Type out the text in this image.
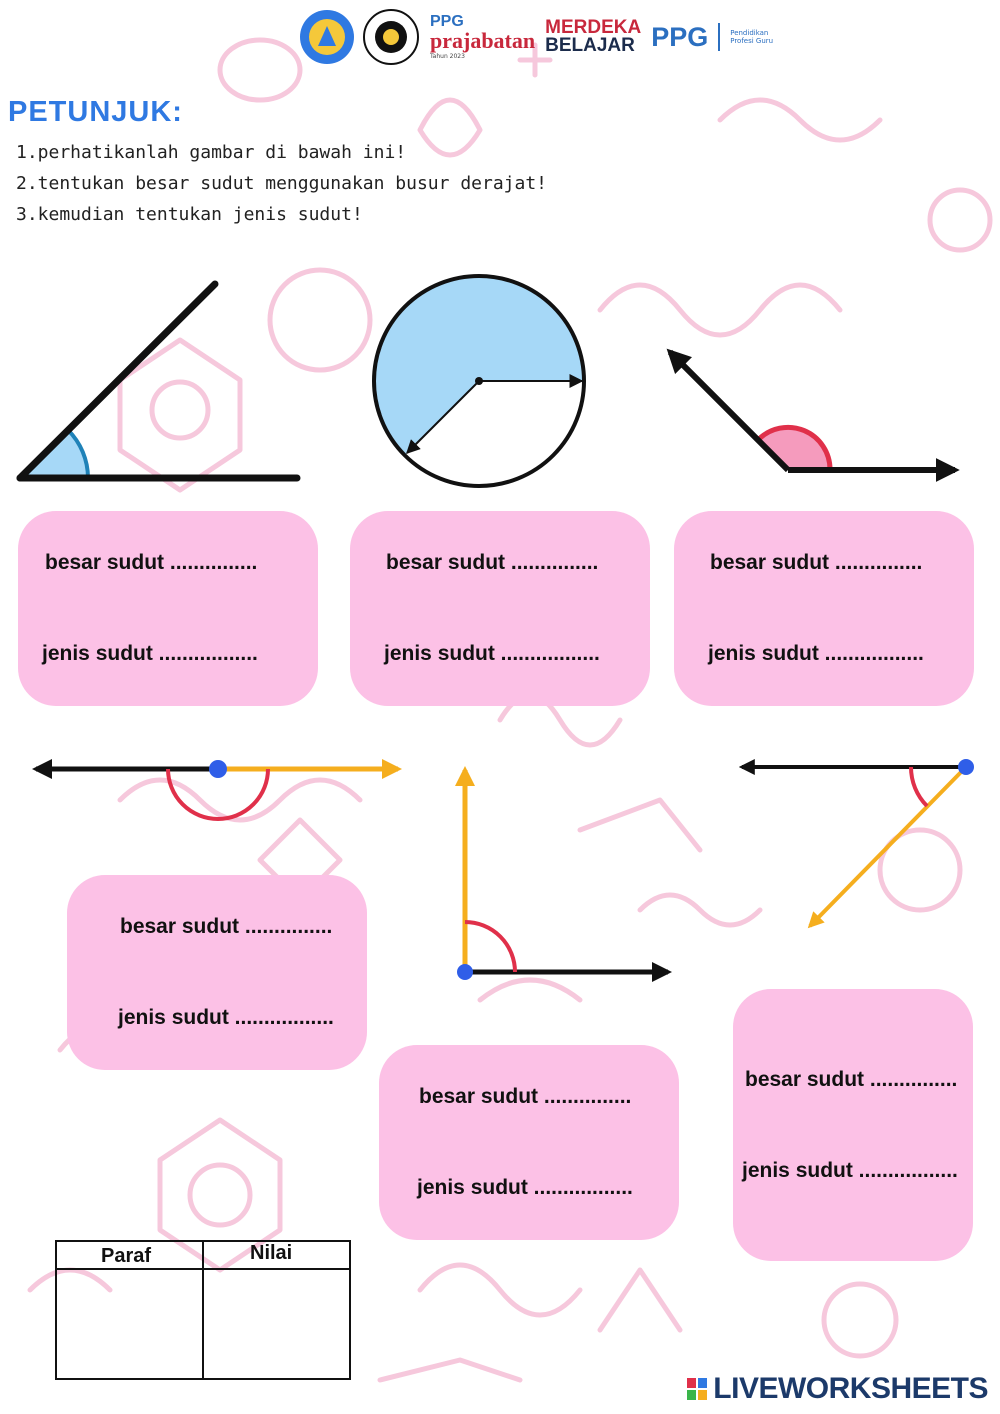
PPG
prajabatan
Tahun 2023
MERDEKA
BELAJAR PPG	Pendidikan Profesi Guru
PETUNJUK:
1.perhatikanlah gambar di bawah ini!
2.tentukan besar sudut menggunakan busur derajat!
3.kemudian tentukan jenis sudut!
besar sudut ...............
jenis sudut .................
besar sudut ...............
jenis sudut .................
besar sudut ...............
jenis sudut .................
besar sudut ...............
jenis sudut .................
besar sudut ...............
jenis sudut .................
besar sudut ...............
jenis sudut .................
Paraf	Nilai
LIVEWORKSHEETS
